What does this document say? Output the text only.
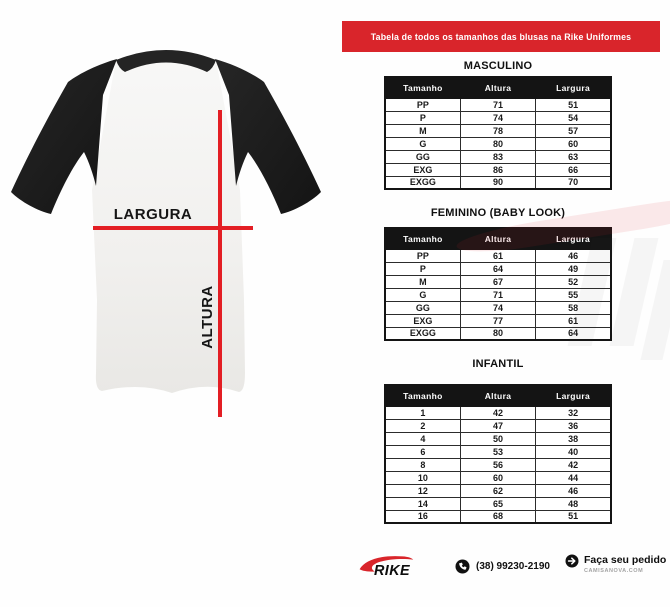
Tabela de todos os tamanhos das blusas na Rike Uniformes
LARGURA
ALTURA
MASCULINO
Tamanho	Altura	Largura
PP	71	51
P	74	54
M	78	57
G	80	60
GG	83	63
EXG	86	66
EXGG	90	70
FEMININO (BABY LOOK)
Tamanho	Altura	Largura
PP	61	46
P	64	49
M	67	52
G	71	55
GG	74	58
EXG	77	61
EXGG	80	64
INFANTIL
Tamanho	Altura	Largura
1	42	32
2	47	36
4	50	38
6	53	40
8	56	42
10	60	44
12	62	46
14	65	48
16	68	51
RIKE	(38) 99230-2190
Faça seu pedido
CAMISANOVA.COM
